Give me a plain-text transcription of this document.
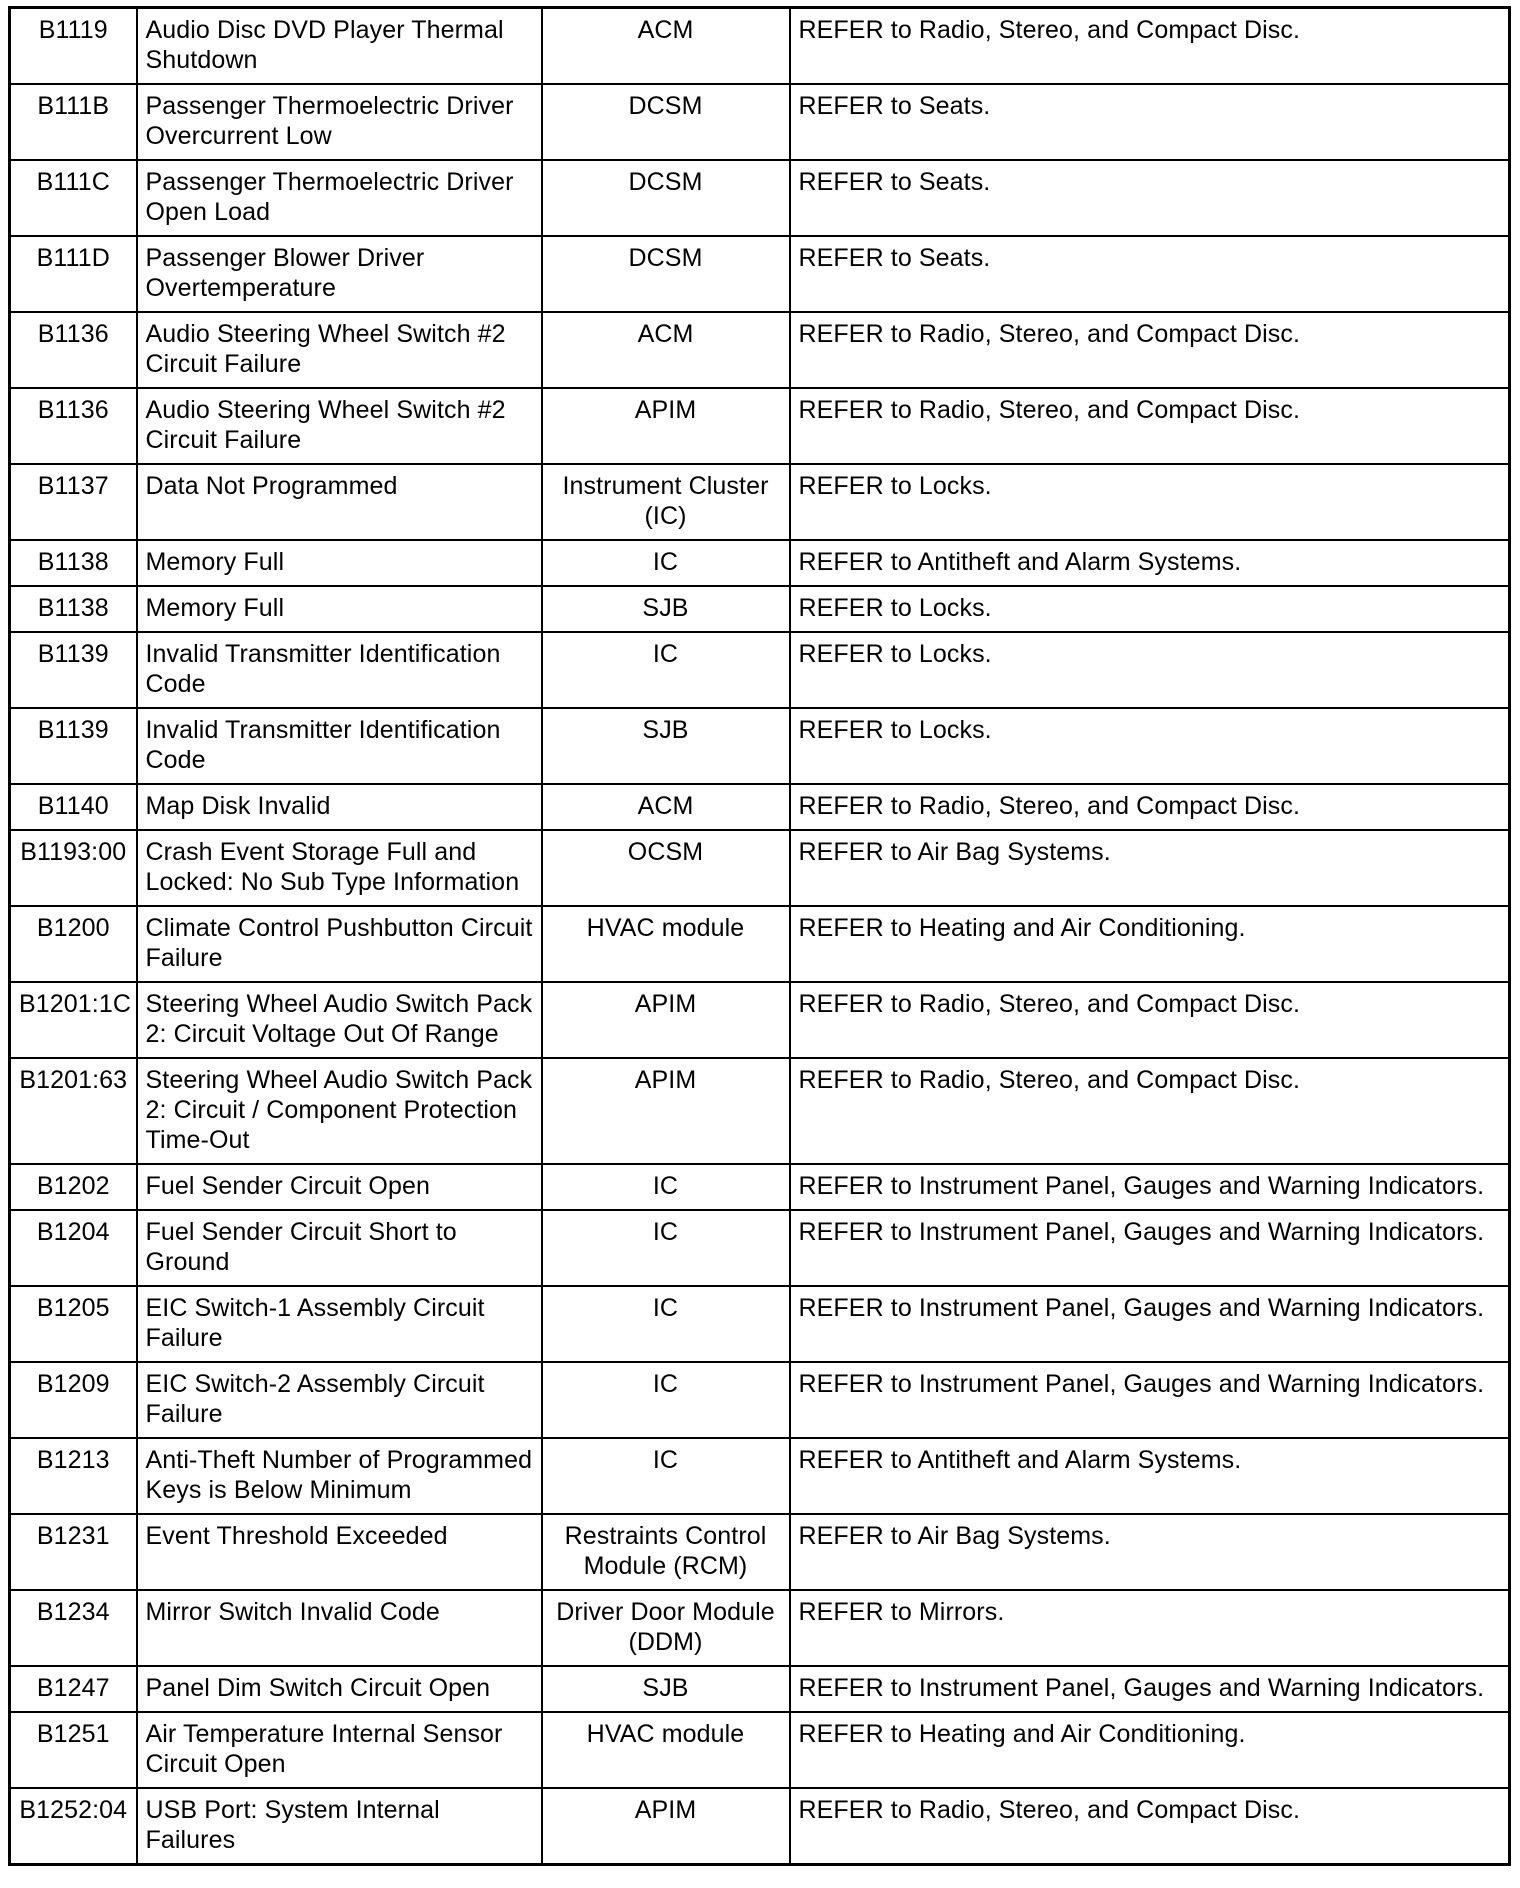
B1119	Audio Disc DVD Player Thermal Shutdown	ACM	REFER to Radio, Stereo, and Compact Disc.
B111B	Passenger Thermoelectric Driver Overcurrent Low	DCSM	REFER to Seats.
B111C	Passenger Thermoelectric Driver Open Load	DCSM	REFER to Seats.
B111D	Passenger Blower Driver Overtemperature	DCSM	REFER to Seats.
B1136	Audio Steering Wheel Switch #2 Circuit Failure	ACM	REFER to Radio, Stereo, and Compact Disc.
B1136	Audio Steering Wheel Switch #2 Circuit Failure	APIM	REFER to Radio, Stereo, and Compact Disc.
B1137	Data Not Programmed	Instrument Cluster (IC)	REFER to Locks.
B1138	Memory Full	IC	REFER to Antitheft and Alarm Systems.
B1138	Memory Full	SJB	REFER to Locks.
B1139	Invalid Transmitter Identification Code	IC	REFER to Locks.
B1139	Invalid Transmitter Identification Code	SJB	REFER to Locks.
B1140	Map Disk Invalid	ACM	REFER to Radio, Stereo, and Compact Disc.
B1193:00	Crash Event Storage Full and Locked: No Sub Type Information	OCSM	REFER to Air Bag Systems.
B1200	Climate Control Pushbutton Circuit Failure	HVAC module	REFER to Heating and Air Conditioning.
B1201:1C	Steering Wheel Audio Switch Pack 2: Circuit Voltage Out Of Range	APIM	REFER to Radio, Stereo, and Compact Disc.
B1201:63	Steering Wheel Audio Switch Pack 2: Circuit / Component Protection Time-Out	APIM	REFER to Radio, Stereo, and Compact Disc.
B1202	Fuel Sender Circuit Open	IC	REFER to Instrument Panel, Gauges and Warning Indicators.
B1204	Fuel Sender Circuit Short to Ground	IC	REFER to Instrument Panel, Gauges and Warning Indicators.
B1205	EIC Switch-1 Assembly Circuit Failure	IC	REFER to Instrument Panel, Gauges and Warning Indicators.
B1209	EIC Switch-2 Assembly Circuit Failure	IC	REFER to Instrument Panel, Gauges and Warning Indicators.
B1213	Anti-Theft Number of Programmed Keys is Below Minimum	IC	REFER to Antitheft and Alarm Systems.
B1231	Event Threshold Exceeded	Restraints Control Module (RCM)	REFER to Air Bag Systems.
B1234	Mirror Switch Invalid Code	Driver Door Module (DDM)	REFER to Mirrors.
B1247	Panel Dim Switch Circuit Open	SJB	REFER to Instrument Panel, Gauges and Warning Indicators.
B1251	Air Temperature Internal Sensor Circuit Open	HVAC module	REFER to Heating and Air Conditioning.
B1252:04	USB Port: System Internal Failures	APIM	REFER to Radio, Stereo, and Compact Disc.
